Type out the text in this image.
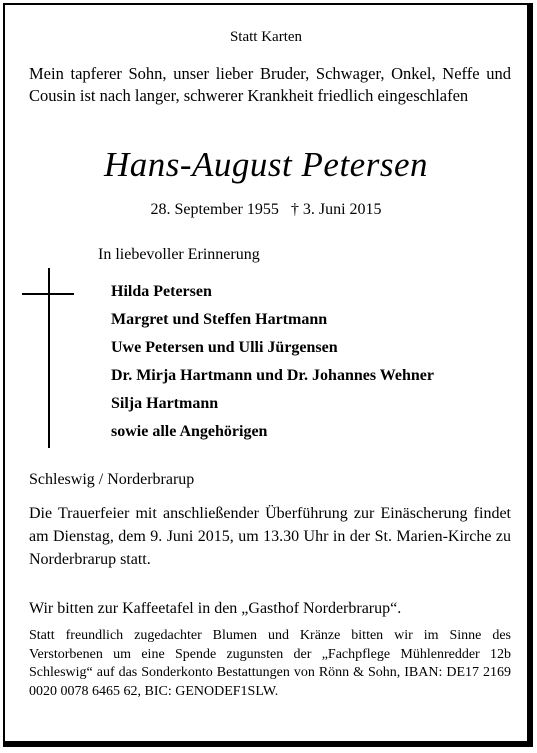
Statt Karten

Mein tapferer Sohn, unser lieber Bruder, Schwager, Onkel, Neffe und Cousin ist nach langer, schwerer Krankheit friedlich eingeschlafen

Hans-August Petersen

28. September 1955   † 3. Juni 2015

In liebevoller Erinnerung

Hilda Petersen

Margret und Steffen Hartmann

Uwe Petersen und Ulli Jürgensen

Dr. Mirja Hartmann und Dr. Johannes Wehner

Silja Hartmann

sowie alle Angehörigen

Schleswig / Norderbrarup

Die Trauerfeier mit anschließender Überführung zur Einäscherung findet am Dienstag, dem 9. Juni 2015, um 13.30 Uhr in der St. Marien-Kirche zu Norderbrarup statt.

Wir bitten zur Kaffeetafel in den „Gasthof Norderbrarup“.

Statt freundlich zugedachter Blumen und Kränze bitten wir im Sinne des Verstorbenen um eine Spende zugunsten der „Fachpflege Mühlenredder 12b Schleswig“ auf das Sonderkonto Bestattungen von Rönn & Sohn, IBAN: DE17 2169 0020 0078 6465 62, BIC: GENODEF1SLW.
